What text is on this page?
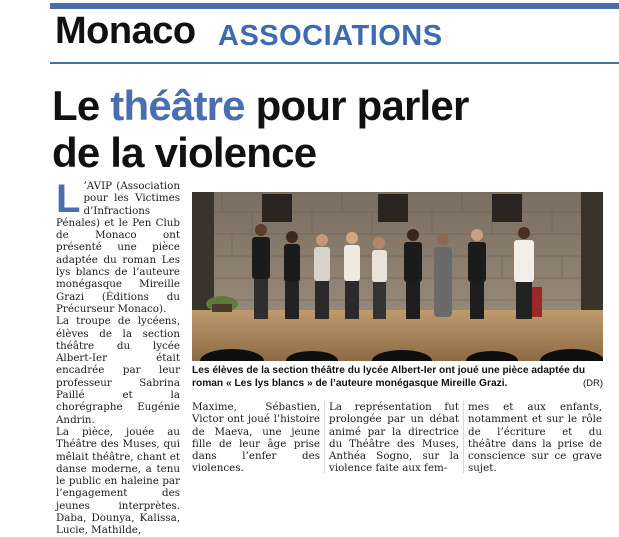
Monaco ASSOCIATIONS
Le théâtre pour parler
de la violence
L ’AVIP (Association pour les Victimes d’Infractions Pénales) et le Pen Club de Monaco ont présenté une pièce adaptée du roman Les lys blancs de l’auteure monégasque Mireille Grazi (Éditions du Précurseur Monaco).

La troupe de lycéens, élèves de la section théâtre du lycée Albert-Ier était encadrée par leur professeur Sabrina Paillé et la chorégraphe Eugénie Andrin.

La pièce, jouée au Théâtre des Muses, qui mêlait théâtre, chant et danse moderne, a tenu le public en haleine par l’engagement des jeunes interprètes. Daba, Dounya, Kalissa, Lucie, Mathilde,

Les élèves de la section théâtre du lycée Albert-Ier ont joué une pièce adaptée du roman « Les lys blancs » de l’auteure monégasque Mireille Grazi.	(DR)

Maxime, Sébastien, Victor ont joué l’histoire de Maeva, une jeune fille de leur âge prise dans l’enfer des violences.

La représentation fut prolongée par un débat animé par la directrice du Théâtre des Muses, Anthéa Sogno, sur la violence faite aux fem-

mes et aux enfants, notamment et sur le rôle de l’écriture et du théâtre dans la prise de conscience sur ce grave sujet.
